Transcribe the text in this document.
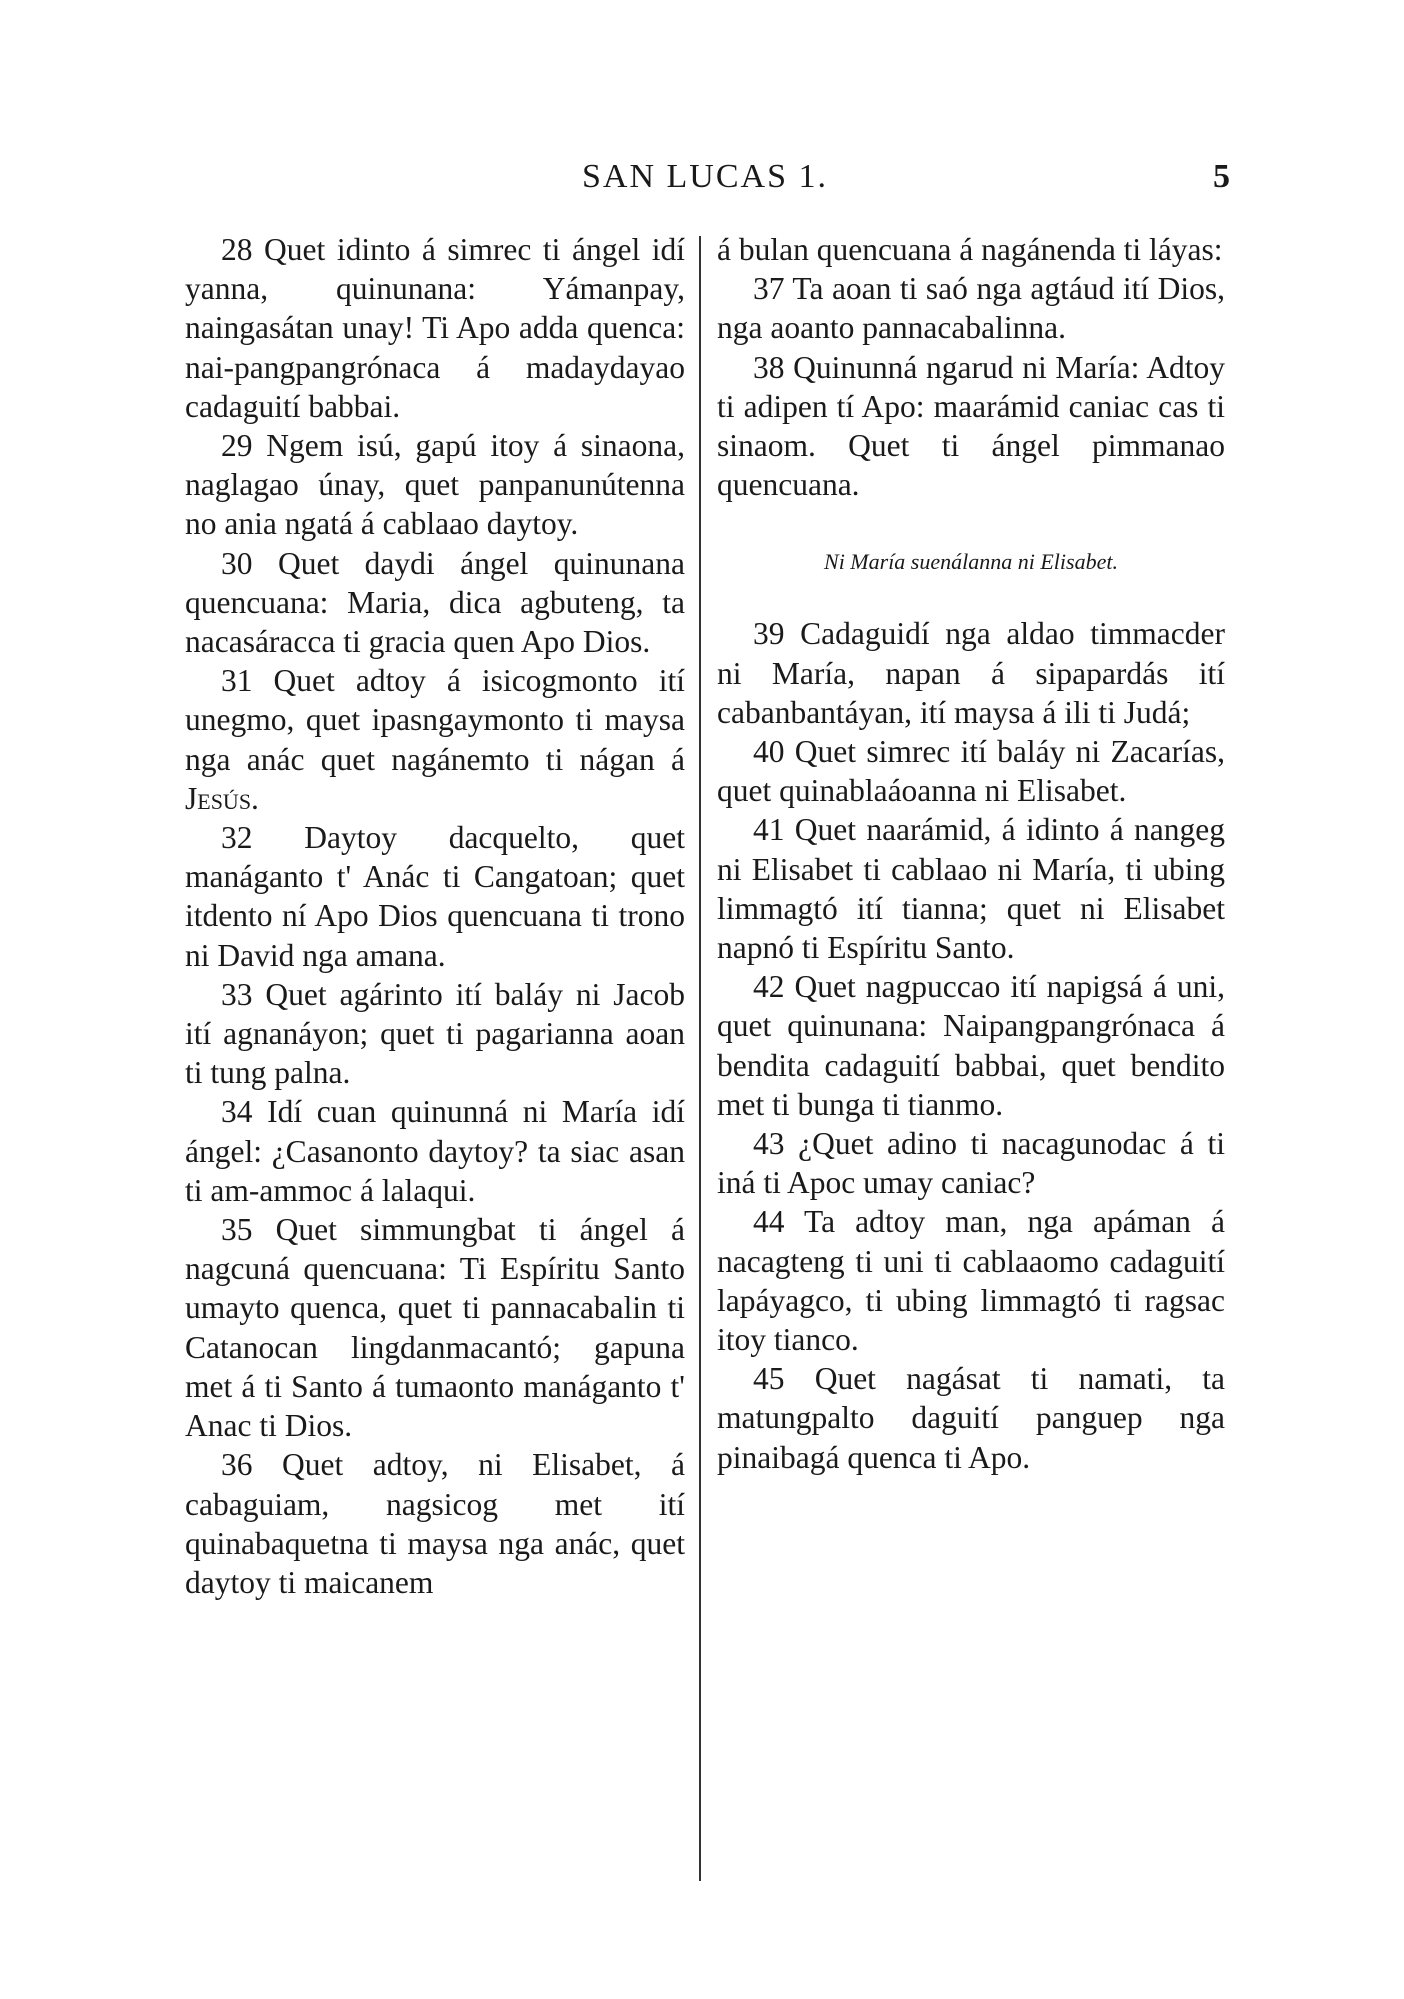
SAN LUCAS 1.	5

28 Quet idinto á simrec ti ángel idí yanna, quinunana: Yámanpay, naingasátan unay! Ti Apo adda quenca: nai-pangpangrónaca á madaydayao cadaguití babbai.

29 Ngem isú, gapú itoy á sinaona, naglagao únay, quet panpanunútenna no ania ngatá á cablaao daytoy.

30 Quet daydi ángel quinunana quencuana: Maria, dica agbuteng, ta nacasáracca ti gracia quen Apo Dios.

31 Quet adtoy á isicogmonto ití unegmo, quet ipasngaymonto ti maysa nga anác quet nagánemto ti nágan á Jesús.

32 Daytoy dacquelto, quet manáganto t' Anác ti Cangatoan; quet itdento ní Apo Dios quencuana ti trono ni David nga amana.

33 Quet agárinto ití baláy ni Jacob ití agnanáyon; quet ti pagarianna aoan ti tung palna.

34 Idí cuan quinunná ni María idí ángel: ¿Casanonto daytoy? ta siac asan ti am-ammoc á lalaqui.

35 Quet simmungbat ti ángel á nagcuná quencuana: Ti Espíritu Santo umayto quenca, quet ti pannacabalin ti Catanocan lingdanmacantó; gapuna met á ti Santo á tumaonto manáganto t' Anac ti Dios.

36 Quet adtoy, ni Elisabet, á cabaguiam, nagsicog met ití quinabaquetna ti maysa nga anác, quet daytoy ti maicanem

á bulan quencuana á nagánenda ti láyas:

37 Ta aoan ti saó nga agtáud ití Dios, nga aoanto pannacabalinna.

38 Quinunná ngarud ni María: Adtoy ti adipen tí Apo: maarámid caniac cas ti sinaom. Quet ti ángel pimmanao quencuana.

Ni María suenálanna ni Elisabet.

39 Cadaguidí nga aldao timmacder ni María, napan á sipapardás ití cabanbantáyan, ití maysa á ili ti Judá;

40 Quet simrec ití baláy ni Zacarías, quet quinablaáoanna ni Elisabet.

41 Quet naarámid, á idinto á nangeg ni Elisabet ti cablaao ni María, ti ubing limmagtó ití tianna; quet ni Elisabet napnó ti Espíritu Santo.

42 Quet nagpuccao ití napigsá á uni, quet quinunana: Naipangpangrónaca á bendita cadaguití babbai, quet bendito met ti bunga ti tianmo.

43 ¿Quet adino ti nacagunodac á ti iná ti Apoc umay caniac?

44 Ta adtoy man, nga apáman á nacagteng ti uni ti cablaaomo cadaguití lapáyagco, ti ubing limmagtó ti ragsac itoy tianco.

45 Quet nagásat ti namati, ta matungpalto daguití panguep nga pinaibagá quenca ti Apo.
